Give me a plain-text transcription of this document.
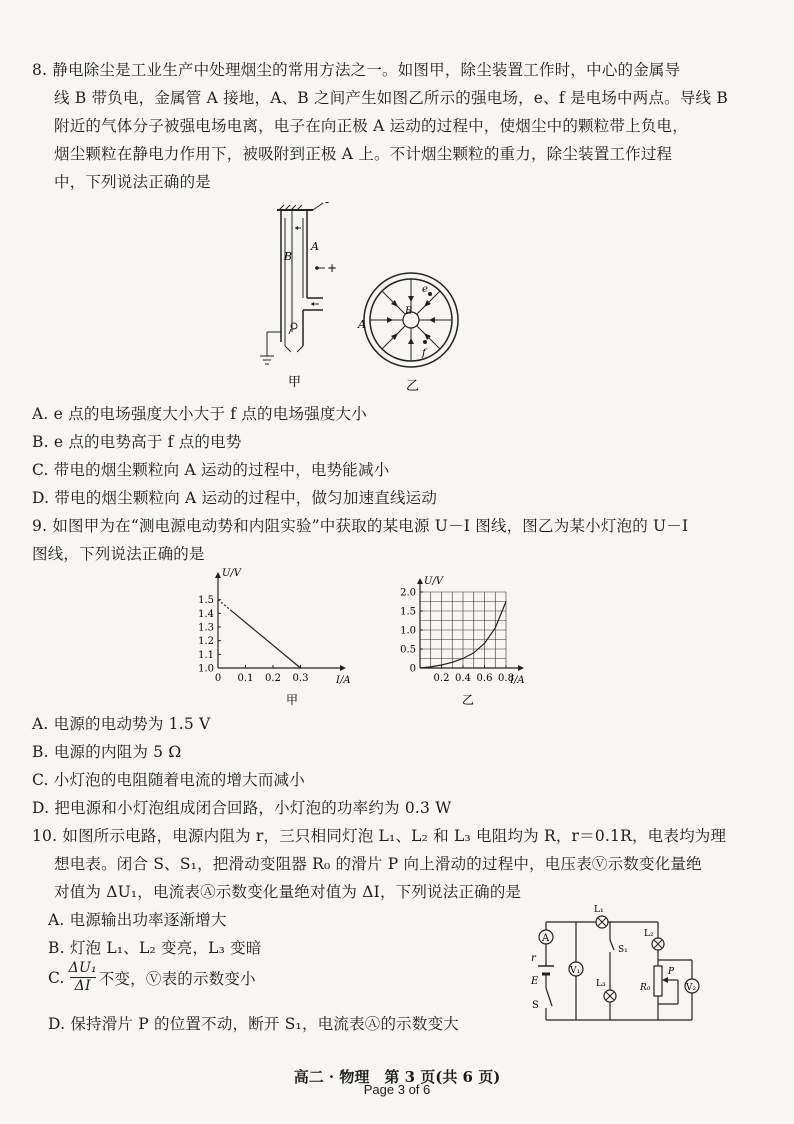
8. 静电除尘是工业生产中处理烟尘的常用方法之一。如图甲，除尘装置工作时，中心的金属导
线 B 带负电，金属管 A 接地，A、B 之间产生如图乙所示的强电场，e、f 是电场中两点。导线 B
附近的气体分子被强电场电离，电子在向正极 A 运动的过程中，使烟尘中的颗粒带上负电，
烟尘颗粒在静电力作用下，被吸附到正极 A 上。不计烟尘颗粒的重力，除尘装置工作过程
中，下列说法正确的是
-
B
A
+
甲
B
A
e
f
乙
A. e 点的电场强度大小大于 f 点的电场强度大小
B. e 点的电势高于 f 点的电势
C. 带电的烟尘颗粒向 A 运动的过程中，电势能减小
D. 带电的烟尘颗粒向 A 运动的过程中，做匀加速直线运动
9. 如图甲为在“测电源电动势和内阻实验”中获取的某电源 U－I 图线，图乙为某小灯泡的 U－I
图线，下列说法正确的是
U/V
I/A
甲
1.0
1.1
1.2
1.3
1.4
1.5
0 0.1 0.2 0.3
U/V
I/A
乙
0
0.5
1.0
1.5
2.0
0.2 0.4 0.6 0.8
A. 电源的电动势为 1.5 V
B. 电源的内阻为 5 Ω
C. 小灯泡的电阻随着电流的增大而减小
D. 把电源和小灯泡组成闭合回路，小灯泡的功率约为 0.3 W
10. 如图所示电路，电源内阻为 r，三只相同灯泡 L₁、L₂ 和 L₃ 电阻均为 R，r＝0.1R，电表均为理
想电表。闭合 S、S₁，把滑动变阻器 R₀ 的滑片 P 向上滑动的过程中，电压表Ⓥ示数变化量绝
对值为 ΔU₁，电流表Ⓐ示数变化量绝对值为 ΔI，下列说法正确的是
A. 电源输出功率逐渐增大
B. 灯泡 L₁、L₂ 变亮，L₃ 变暗
C.
ΔU₁
ΔI 不变，Ⓥ表的示数变小
D. 保持滑片 P 的位置不动，断开 S₁，电流表Ⓐ的示数变大
A
r
E
S
V₁
L₁
S₁
L₃
L₂
R₀
P
V₂
高二 · 物理　第 3 页(共 6 页)
Page 3 of 6
